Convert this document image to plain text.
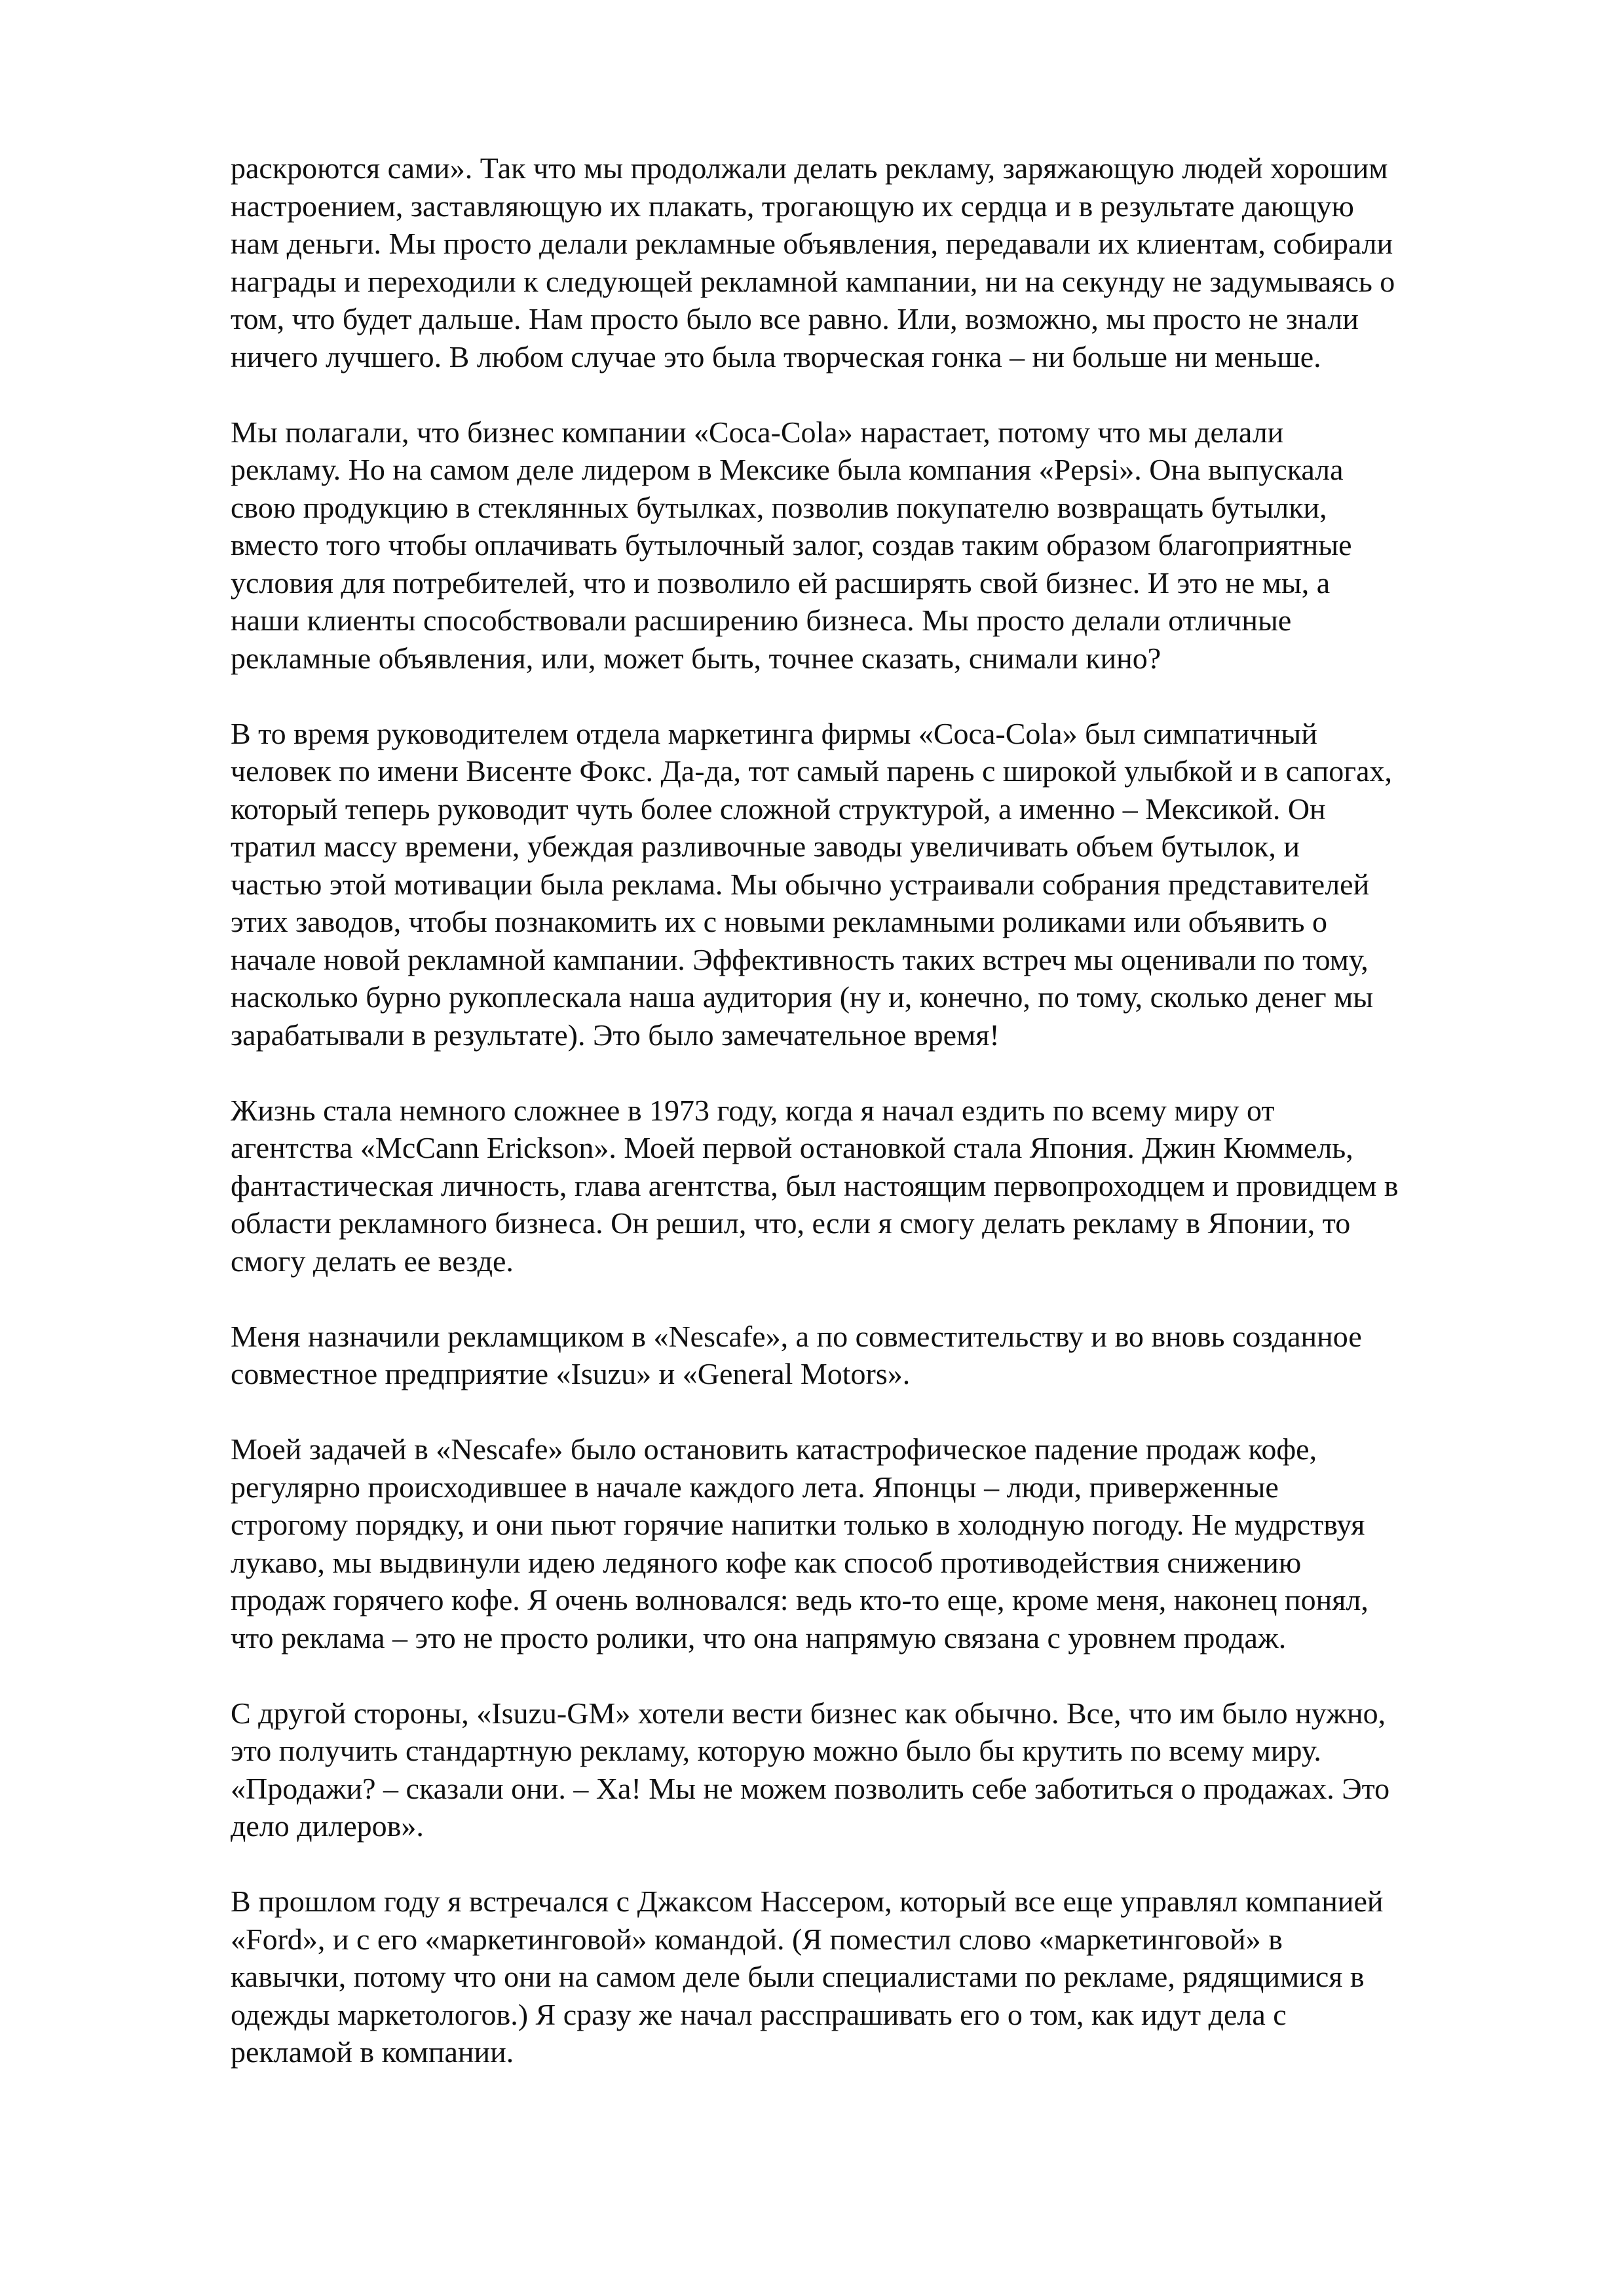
раскроются сами». Так что мы продолжали делать рекламу, заряжающую людей хорошим
настроением, заставляющую их плакать, трогающую их сердца и в результате дающую
нам деньги. Мы просто делали рекламные объявления, передавали их клиентам, собирали
награды и переходили к следующей рекламной кампании, ни на секунду не задумываясь о
том, что будет дальше. Нам просто было все равно. Или, возможно, мы просто не знали
ничего лучшего. В любом случае это была творческая гонка – ни больше ни меньше.

Мы полагали, что бизнес компании «Coca-Cola» нарастает, потому что мы делали
рекламу. Но на самом деле лидером в Мексике была компания «Pepsi». Она выпускала
свою продукцию в стеклянных бутылках, позволив покупателю возвращать бутылки,
вместо того чтобы оплачивать бутылочный залог, создав таким образом благоприятные
условия для потребителей, что и позволило ей расширять свой бизнес. И это не мы, а
наши клиенты способствовали расширению бизнеса. Мы просто делали отличные
рекламные объявления, или, может быть, точнее сказать, снимали кино?

В то время руководителем отдела маркетинга фирмы «Coca-Cola» был симпатичный
человек по имени Висенте Фокс. Да-да, тот самый парень с широкой улыбкой и в сапогах,
который теперь руководит чуть более сложной структурой, а именно – Мексикой. Он
тратил массу времени, убеждая разливочные заводы увеличивать объем бутылок, и
частью этой мотивации была реклама. Мы обычно устраивали собрания представителей
этих заводов, чтобы познакомить их с новыми рекламными роликами или объявить о
начале новой рекламной кампании. Эффективность таких встреч мы оценивали по тому,
насколько бурно рукоплескала наша аудитория (ну и, конечно, по тому, сколько денег мы
зарабатывали в результате). Это было замечательное время!

Жизнь стала немного сложнее в 1973 году, когда я начал ездить по всему миру от
агентства «McCann Erickson». Моей первой остановкой стала Япония. Джин Кюммель,
фантастическая личность, глава агентства, был настоящим первопроходцем и провидцем в
области рекламного бизнеса. Он решил, что, если я смогу делать рекламу в Японии, то
смогу делать ее везде.

Меня назначили рекламщиком в «Nescafe», а по совместительству и во вновь созданное
совместное предприятие «Isuzu» и «General Motors».

Моей задачей в «Nescafe» было остановить катастрофическое падение продаж кофе,
регулярно происходившее в начале каждого лета. Японцы – люди, приверженные
строгому порядку, и они пьют горячие напитки только в холодную погоду. Не мудрствуя
лукаво, мы выдвинули идею ледяного кофе как способ противодействия снижению
продаж горячего кофе. Я очень волновался: ведь кто-то еще, кроме меня, наконец понял,
что реклама – это не просто ролики, что она напрямую связана с уровнем продаж.

С другой стороны, «Isuzu-GM» хотели вести бизнес как обычно. Все, что им было нужно,
это получить стандартную рекламу, которую можно было бы крутить по всему миру.
«Продажи? – сказали они. – Ха! Мы не можем позволить себе заботиться о продажах. Это
дело дилеров».

В прошлом году я встречался с Джаксом Нассером, который все еще управлял компанией
«Ford», и с его «маркетинговой» командой. (Я поместил слово «маркетинговой» в
кавычки, потому что они на самом деле были специалистами по рекламе, рядящимися в
одежды маркетологов.) Я сразу же начал расспрашивать его о том, как идут дела с
рекламой в компании.
